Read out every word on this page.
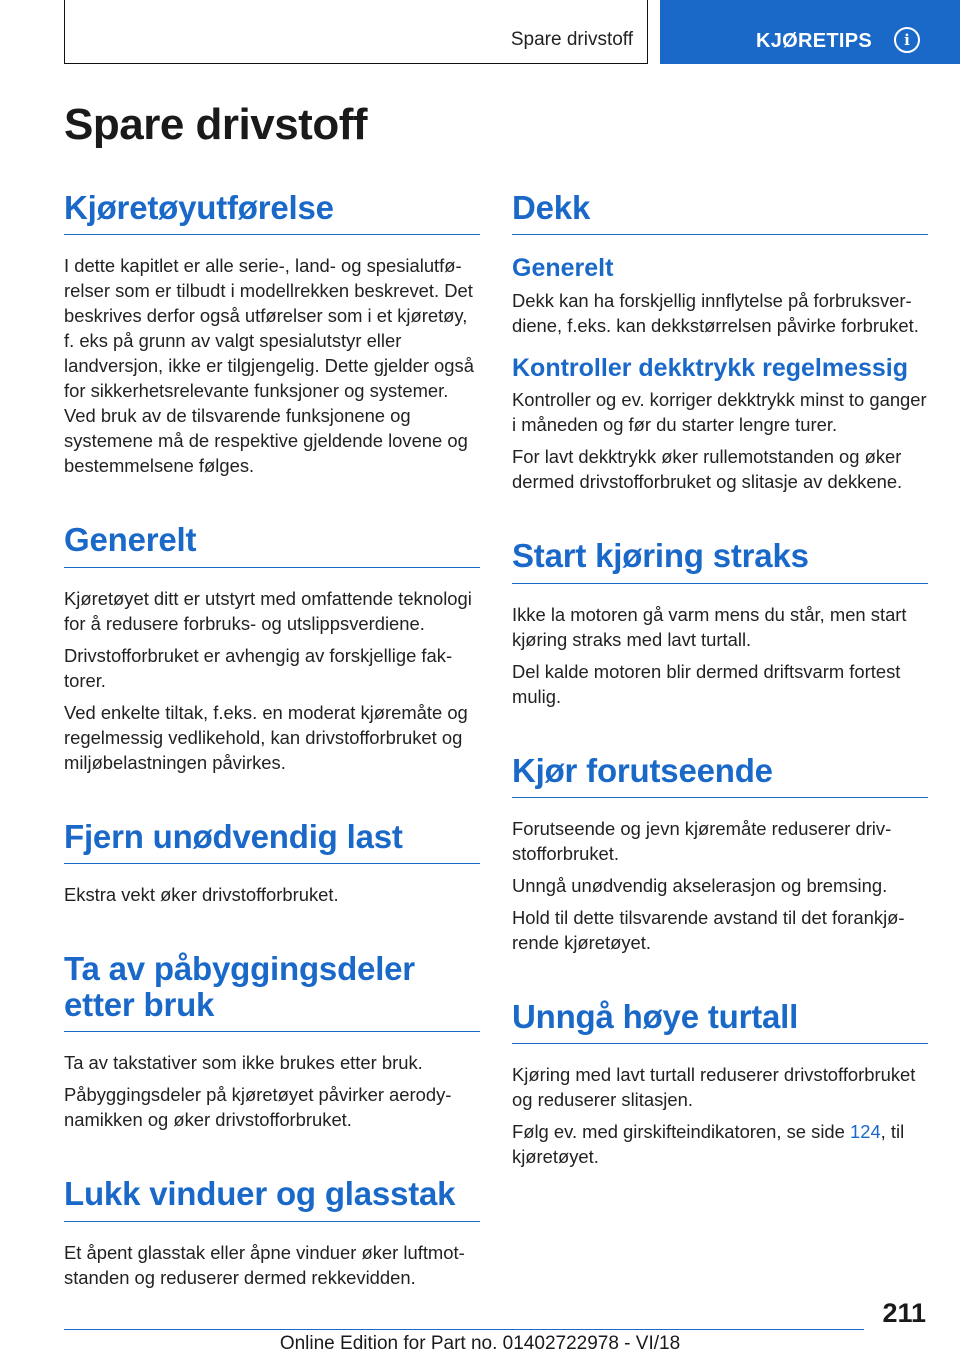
Spare drivstoff	KJØRETIPS	i
Spare drivstoff
Kjøretøyutførelse

I dette kapitlet er alle serie-, land- og spesialutførelser som er tilbudt i modellrekken beskrevet. Det beskrives derfor også utførelser som i et kjøretøy, f. eks på grunn av valgt spesialutstyr eller landversjon, ikke er tilgjengelig. Dette gjelder også for sikkerhetsrelevante funksjoner og systemer. Ved bruk av de tilsvarende funksjonene og systemene må de respektive gjeldende lovene og bestemmelsene følges.

Generelt

Kjøretøyet ditt er utstyrt med omfattende teknologi for å redusere forbruks- og utslippsverdiene.

Drivstofforbruket er avhengig av forskjellige faktorer.

Ved enkelte tiltak, f.eks. en moderat kjøremåte og regelmessig vedlikehold, kan drivstofforbruket og miljøbelastningen påvirkes.

Fjern unødvendig last

Ekstra vekt øker drivstofforbruket.

Ta av påbyggingsdeler etter bruk

Ta av takstativer som ikke brukes etter bruk.

Påbyggingsdeler på kjøretøyet påvirker aerodynamikken og øker drivstofforbruket.

Lukk vinduer og glasstak

Et åpent glasstak eller åpne vinduer øker luftmotstanden og reduserer dermed rekkevidden.

Dekk
Generelt

Dekk kan ha forskjellig innflytelse på forbruksverdiene, f.eks. kan dekkstørrelsen påvirke forbruket.

Kontroller dekktrykk regelmessig

Kontroller og ev. korriger dekktrykk minst to ganger i måneden og før du starter lengre turer.

For lavt dekktrykk øker rullemotstanden og øker dermed drivstofforbruket og slitasje av dekkene.

Start kjøring straks

Ikke la motoren gå varm mens du står, men start kjøring straks med lavt turtall.

Del kalde motoren blir dermed driftsvarm fortest mulig.

Kjør forutseende

Forutseende og jevn kjøremåte reduserer drivstofforbruket.

Unngå unødvendig akselerasjon og bremsing.

Hold til dette tilsvarende avstand til det forankjørende kjøretøyet.

Unngå høye turtall

Kjøring med lavt turtall reduserer drivstofforbruket og reduserer slitasjen.

Følg ev. med girskifteindikatoren, se side 124, til kjøretøyet.

211
Online Edition for Part no. 01402722978 - VI/18
